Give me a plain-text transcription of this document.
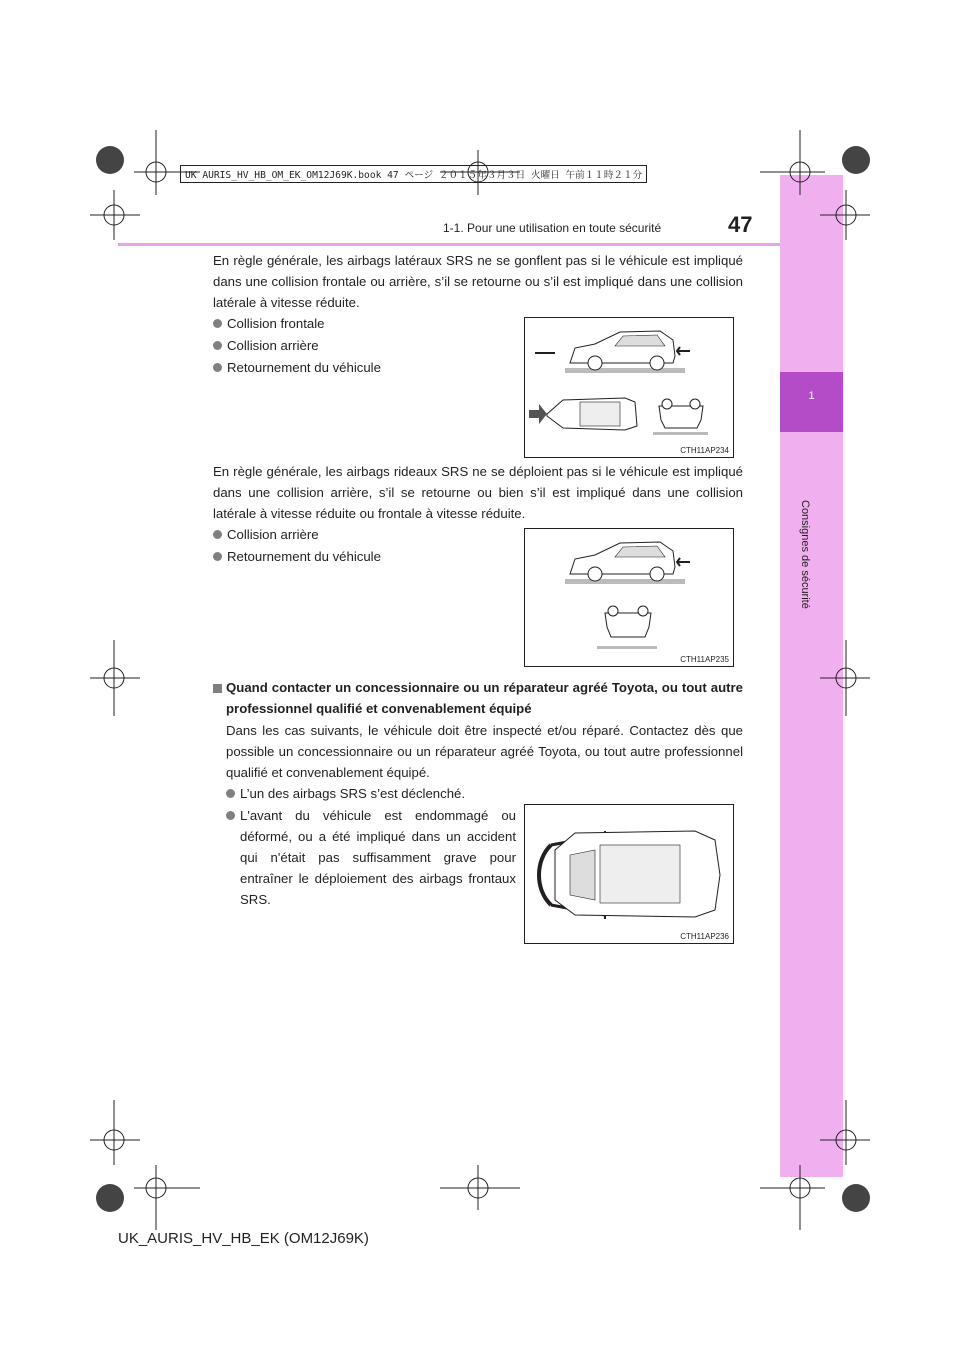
1
Consignes de sécurité
1-1. Pour une utilisation en toute sécurité	47
UK AURIS_HV_HB_OM_EK_OM12J69K.book 47 ページ ２０１５年３月３日 火曜日 午前１１時２１分
En règle générale, les airbags latéraux SRS ne se gonflent pas si le véhicule est impliqué dans une collision frontale ou arrière, s’il se retourne ou s’il est impliqué dans une collision latérale à vitesse réduite.
Collision frontale
Collision arrière
Retournement du véhicule
CTH11AP234
En règle générale, les airbags rideaux SRS ne se déploient pas si le véhicule est impliqué dans une collision arrière, s’il se retourne ou bien s’il est impliqué dans une collision latérale à vitesse réduite ou frontale à vitesse réduite.
Collision arrière
Retournement du véhicule
CTH11AP235
Quand contacter un concessionnaire ou un réparateur agréé Toyota, ou tout autre professionnel qualifié et convenablement équipé
Dans les cas suivants, le véhicule doit être inspecté et/ou réparé. Contactez dès que possible un concessionnaire ou un réparateur agréé Toyota, ou tout autre professionnel qualifié et convenablement équipé.
L’un des airbags SRS s’est déclenché.
L'avant du véhicule est endommagé ou déformé, ou a été impliqué dans un accident qui n'était pas suffisamment grave pour entraîner le déploiement des airbags frontaux SRS.
CTH11AP236
UK_AURIS_HV_HB_EK (OM12J69K)
